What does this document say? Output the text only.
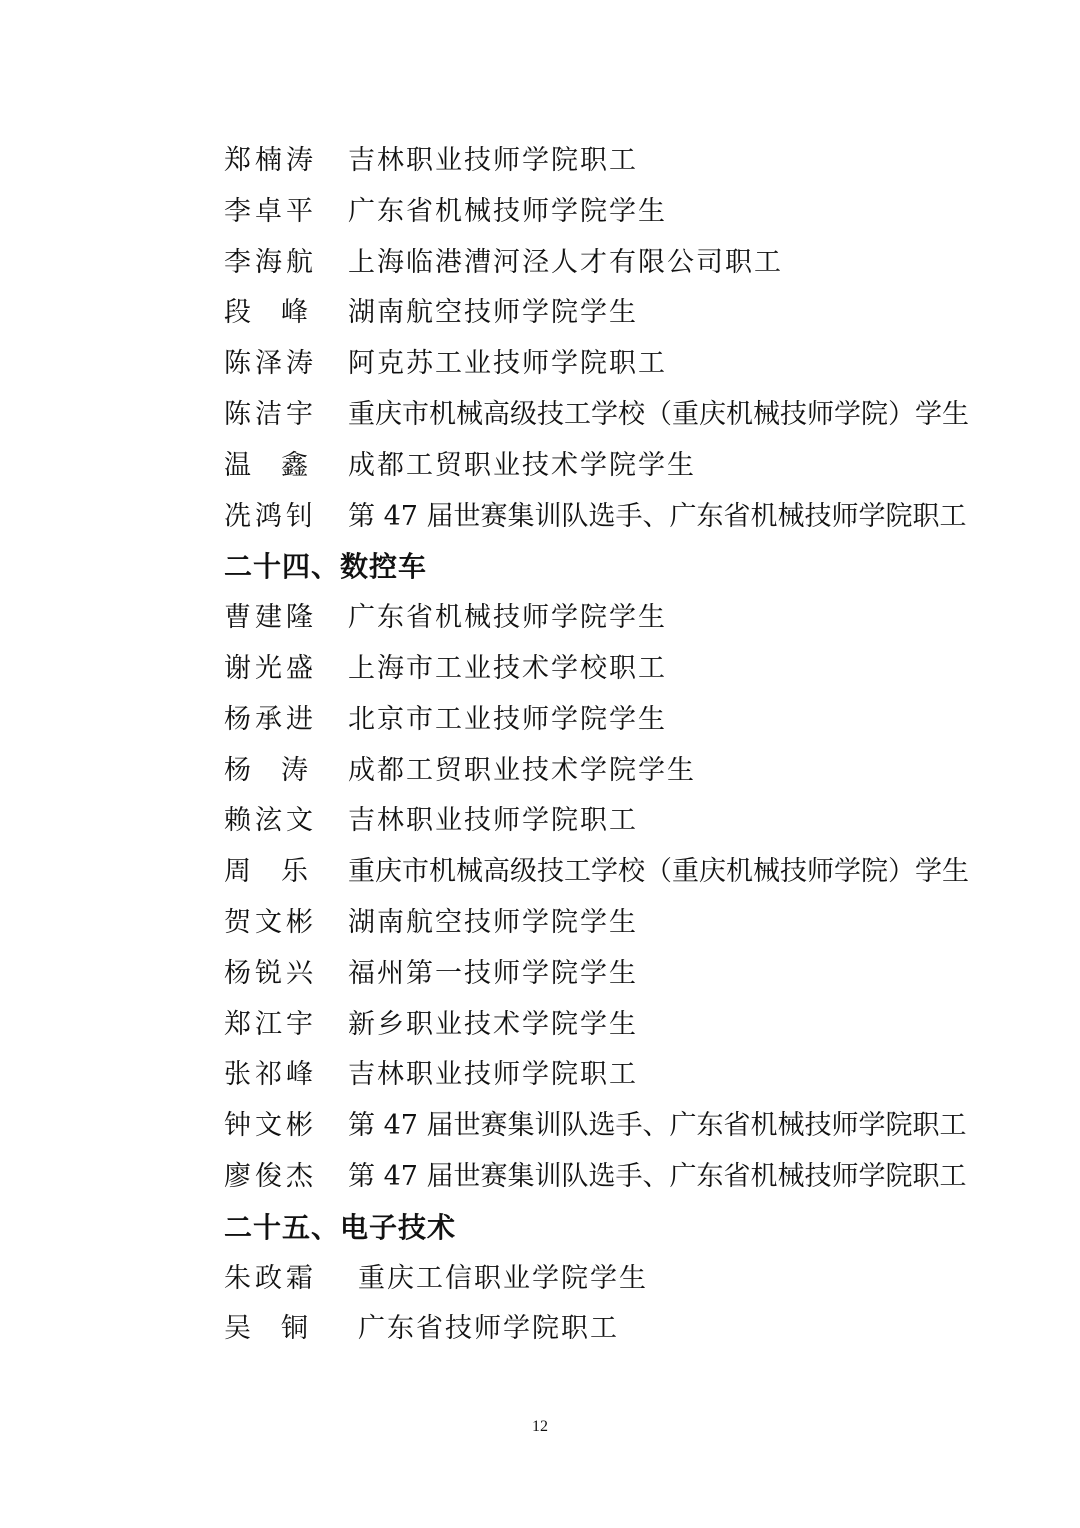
郑楠涛	吉林职业技师学院职工
李卓平	广东省机械技师学院学生
李海航	上海临港漕河泾人才有限公司职工
段峰 湖南航空技师学院学生
陈泽涛	阿克苏工业技师学院职工
陈洁宇	重庆市机械高级技工学校（重庆机械技师学院）学生
温鑫 成都工贸职业技术学院学生
冼鸿钊	第 47 届世赛集训队选手、广东省机械技师学院职工
二十四、数控车
曹建隆	广东省机械技师学院学生
谢光盛	上海市工业技术学校职工
杨承进	北京市工业技师学院学生
杨涛 成都工贸职业技术学院学生
赖泫文	吉林职业技师学院职工
周乐 重庆市机械高级技工学校（重庆机械技师学院）学生
贺文彬	湖南航空技师学院学生
杨锐兴	福州第一技师学院学生
郑江宇	新乡职业技术学院学生
张祁峰	吉林职业技师学院职工
钟文彬	第 47 届世赛集训队选手、广东省机械技师学院职工
廖俊杰	第 47 届世赛集训队选手、广东省机械技师学院职工
二十五、电子技术
朱政霜	重庆工信职业学院学生
吴铜 广东省技师学院职工
12
